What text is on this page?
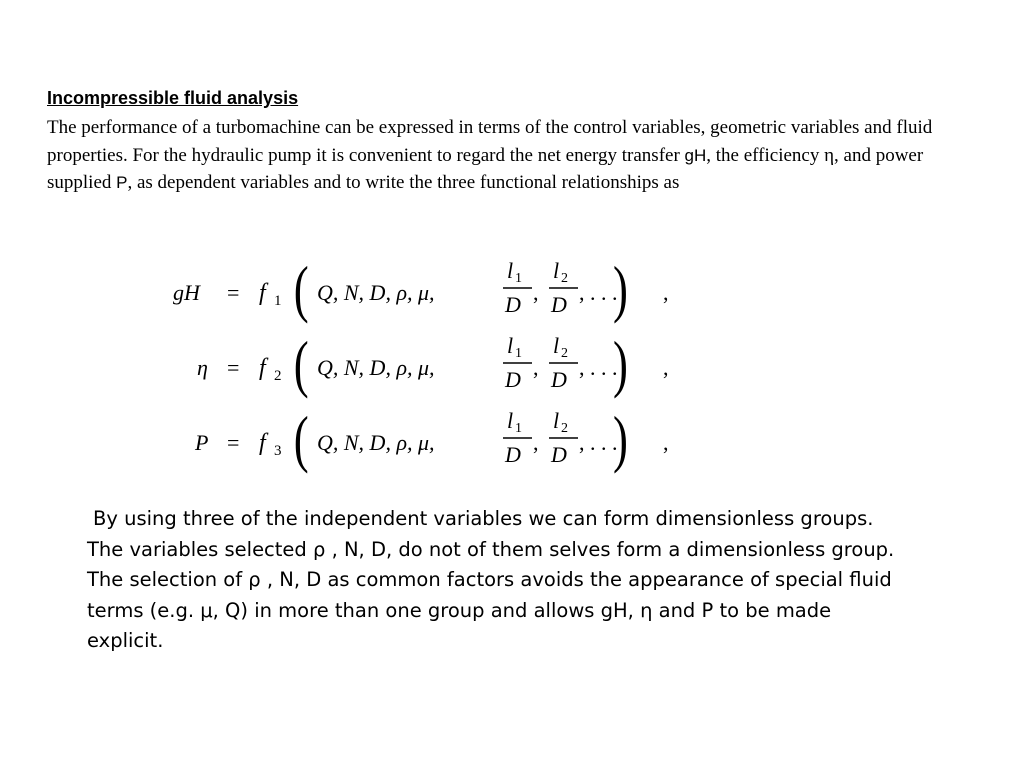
Incompressible fluid analysis

The performance of a turbomachine can be expressed in terms of the control variables, geometric variables and fluid properties. For the hydraulic pump it is convenient to regard the net energy transfer gH, the efficiency η, and power supplied P, as dependent variables and to write the three functional relationships as

gH = f 1 ( Q, N, D, ρ, μ,
l 1
D ,
l 2
D , . . .
) ,
η = f 2 ( Q, N, D, ρ, μ,
l 1
D ,
l 2
D , . . .
) ,
P = f 3 ( Q, N, D, ρ, μ,
l 1
D ,
l 2
D , . . .
) ,

By using three of the independent variables we can form dimensionless groups. The variables selected ρ , N, D, do not of them selves form a dimensionless group. The selection of ρ , N, D as common factors avoids the appearance of special fluid terms (e.g. μ, Q) in more than one group and allows gH, η and P to be made explicit.
